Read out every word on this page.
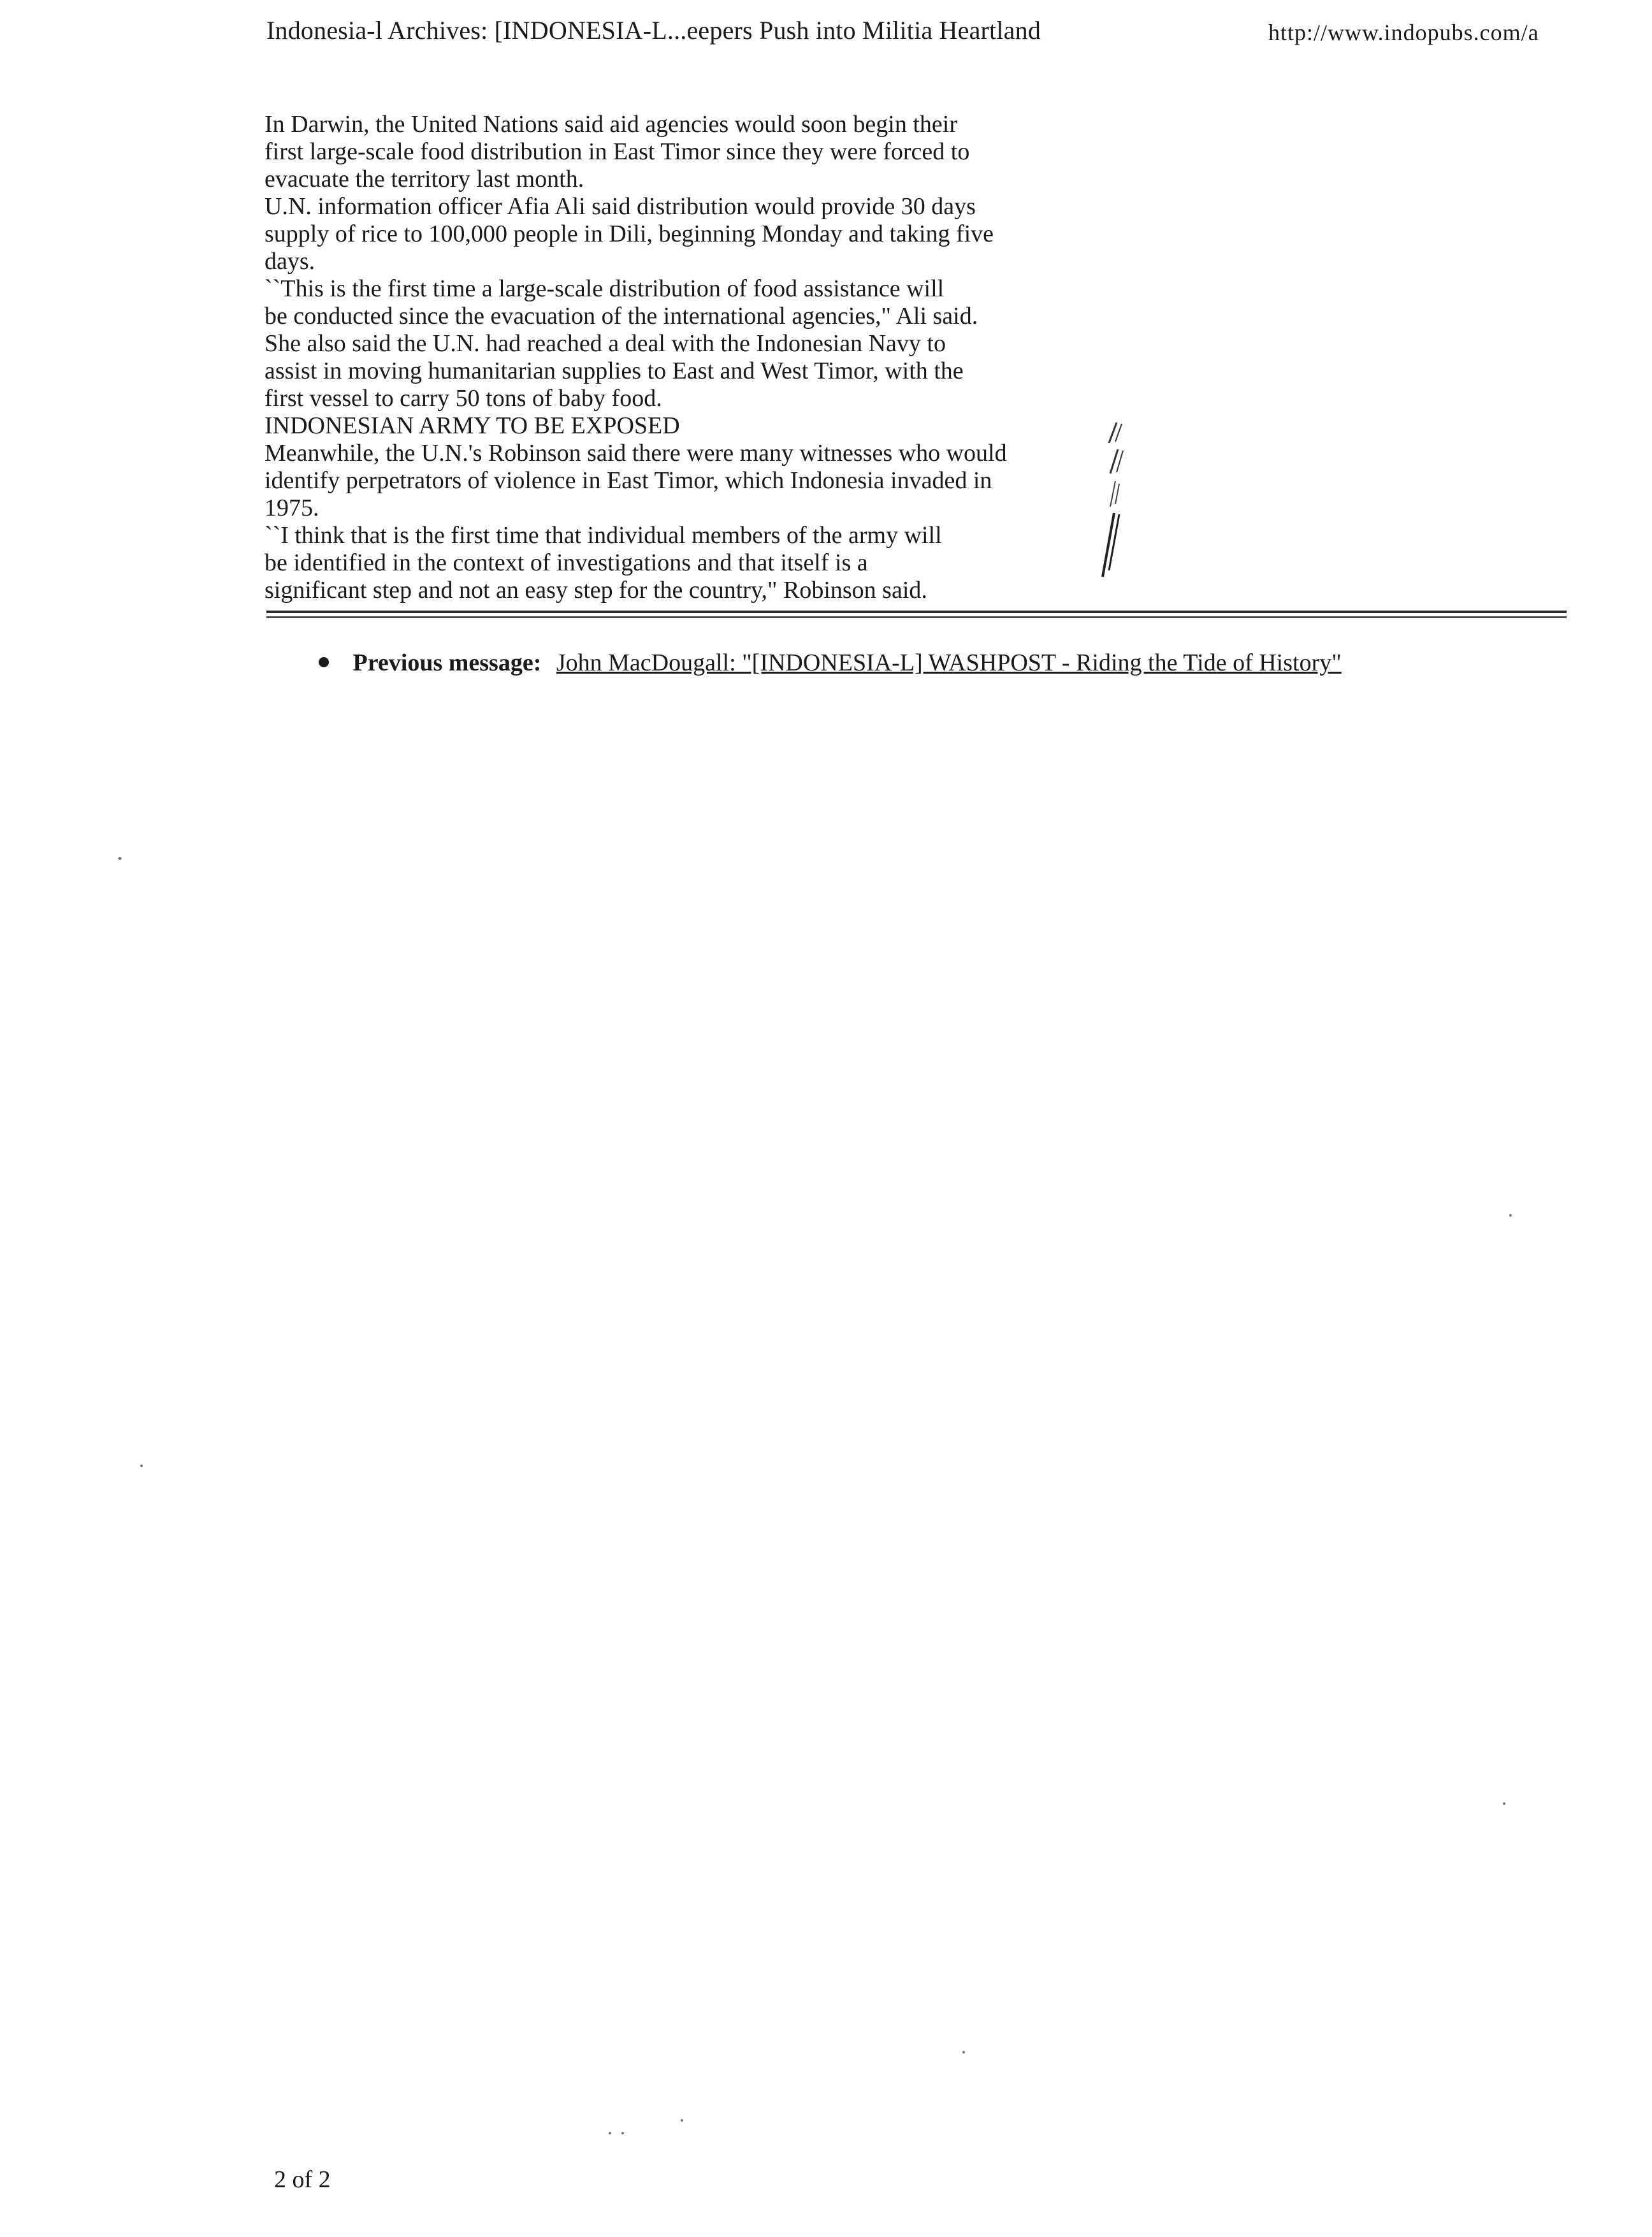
Indonesia-l Archives: [INDONESIA-L...eepers Push into Militia Heartland	http://www.indopubs.com/a
In Darwin, the United Nations said aid agencies would soon begin their
first large-scale food distribution in East Timor since they were forced to
evacuate the territory last month.
U.N. information officer Afia Ali said distribution would provide 30 days
supply of rice to 100,000 people in Dili, beginning Monday and taking five
days.
``This is the first time a large-scale distribution of food assistance will
be conducted since the evacuation of the international agencies," Ali said.
She also said the U.N. had reached a deal with the Indonesian Navy to
assist in moving humanitarian supplies to East and West Timor, with the
first vessel to carry 50 tons of baby food.
INDONESIAN ARMY TO BE EXPOSED
Meanwhile, the U.N.'s Robinson said there were many witnesses who would
identify perpetrators of violence in East Timor, which Indonesia invaded in
1975.
``I think that is the first time that individual members of the army will
be identified in the context of investigations and that itself is a
significant step and not an easy step for the country," Robinson said.
Previous message: John MacDougall: "[INDONESIA-L] WASHPOST - Riding the Tide of History"
2 of 2
